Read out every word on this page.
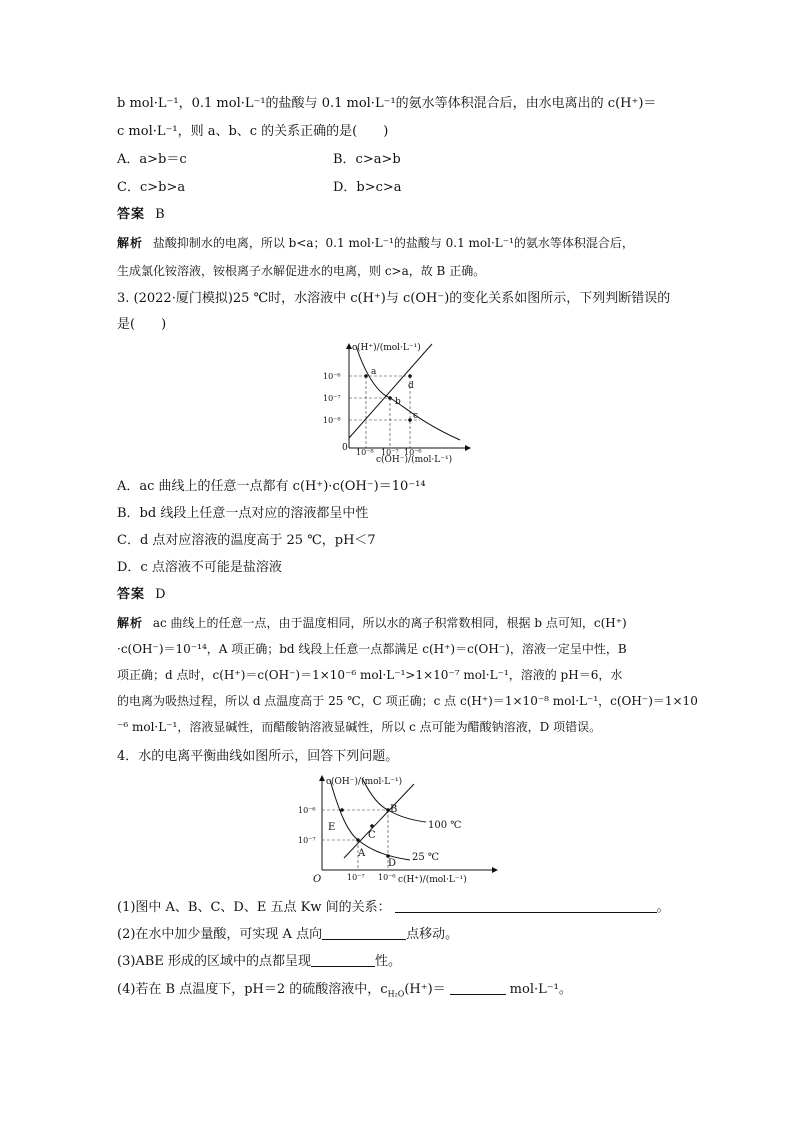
b mol·L⁻¹，0.1 mol·L⁻¹的盐酸与 0.1 mol·L⁻¹的氨水等体积混合后，由水电离出的 c(H⁺)＝
c mol·L⁻¹，则 a、b、c 的关系正确的是(　　)
A．a>b＝c	B．c>a>b
C．c>b>a	D．b>c>a
答案 B
解析 盐酸抑制水的电离，所以 b<a；0.1 mol·L⁻¹的盐酸与 0.1 mol·L⁻¹的氨水等体积混合后，
生成氯化铵溶液，铵根离子水解促进水的电离，则 c>a，故 B 正确。
3. (2022·厦门模拟)25 ℃时，水溶液中 c(H⁺)与 c(OH⁻)的变化关系如图所示，下列判断错误的
是(　　)
c(H⁺)/(mol·L⁻¹)
c(OH⁻)/(mol·L⁻¹)
0
10⁻⁶
10⁻⁷
10⁻⁸
10⁻⁸ 10⁻⁷ 10⁻⁶
a
b
c
d
A．ac 曲线上的任意一点都有 c(H⁺)·c(OH⁻)＝10⁻¹⁴
B．bd 线段上任意一点对应的溶液都呈中性
C．d 点对应溶液的温度高于 25 ℃，pH＜7
D．c 点溶液不可能是盐溶液
答案 D
解析 ac 曲线上的任意一点，由于温度相同，所以水的离子积常数相同，根据 b 点可知，c(H⁺)
·c(OH⁻)＝10⁻¹⁴，A 项正确；bd 线段上任意一点都满足 c(H⁺)＝c(OH⁻)，溶液一定呈中性，B
项正确；d 点时，c(H⁺)＝c(OH⁻)＝1×10⁻⁶ mol·L⁻¹>1×10⁻⁷ mol·L⁻¹，溶液的 pH＝6，水
的电离为吸热过程，所以 d 点温度高于 25 ℃，C 项正确；c 点 c(H⁺)＝1×10⁻⁸ mol·L⁻¹，c(OH⁻)＝1×10
⁻⁶ mol·L⁻¹，溶液显碱性，而醋酸钠溶液显碱性，所以 c 点可能为醋酸钠溶液，D 项错误。
4．水的电离平衡曲线如图所示，回答下列问题。
c(OH⁻)/(mol·L⁻¹)
c(H⁺)/(mol·L⁻¹)
O
10⁻⁶
10⁻⁷
10⁻⁷ 10⁻⁶
A
B
C
D
E	100 ℃
25 ℃
(1)图中 A、B、C、D、E 五点 Kw 间的关系：	。
(2)在水中加少量酸，可实现 A 点向	点移动。
(3)ABE 形成的区域中的点都呈现	性。
(4)若在 B 点温度下，pH＝2 的硫酸溶液中，$c_{H_2O}(H^+)=$	mol·L⁻¹。
